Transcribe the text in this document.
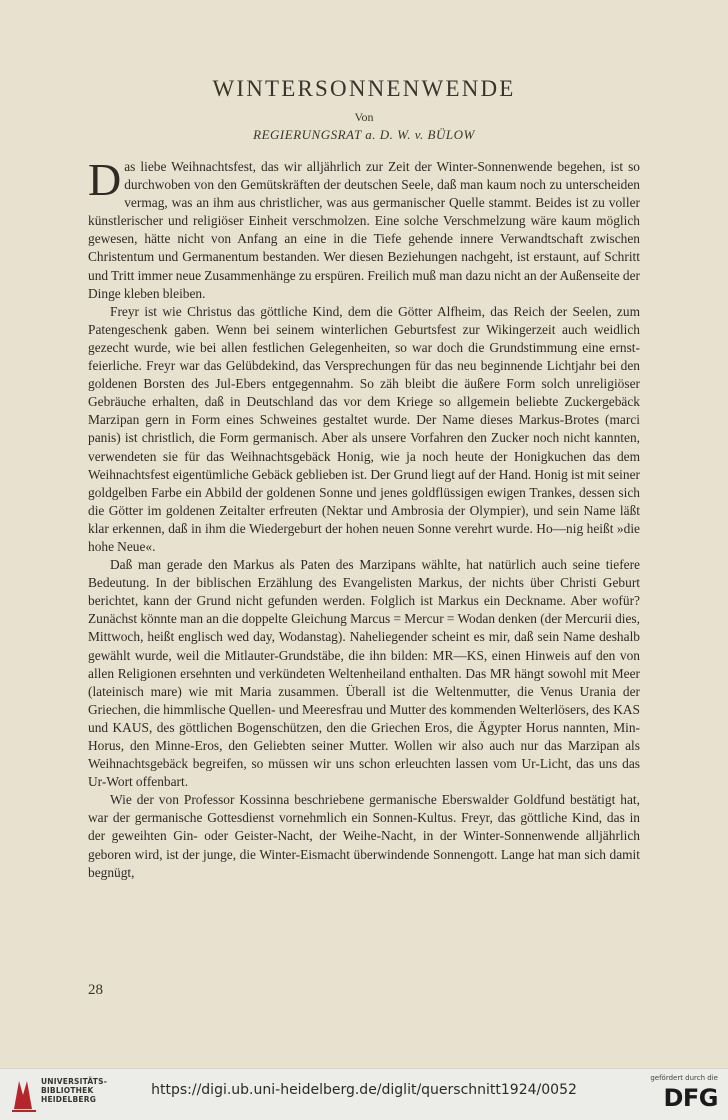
WINTERSONNENWENDE
Von
REGIERUNGSRAT a. D. W. v. BÜLOW

Das liebe Weihnachtsfest, das wir alljährlich zur Zeit der Winter-Sonnenwende begehen, ist so durchwoben von den Gemütskräften der deutschen Seele, daß man kaum noch zu unterscheiden vermag, was an ihm aus christlicher, was aus germanischer Quelle stammt. Beides ist zu voller künstlerischer und religiöser Einheit verschmolzen. Eine solche Verschmelzung wäre kaum möglich gewesen, hätte nicht von Anfang an eine in die Tiefe gehende innere Verwandtschaft zwischen Christentum und Germanentum bestanden. Wer diesen Beziehungen nachgeht, ist erstaunt, auf Schritt und Tritt immer neue Zusammenhänge zu erspüren. Freilich muß man dazu nicht an der Außenseite der Dinge kleben bleiben.

Freyr ist wie Christus das göttliche Kind, dem die Götter Alfheim, das Reich der Seelen, zum Patengeschenk gaben. Wenn bei seinem winterlichen Geburtsfest zur Wikingerzeit auch weidlich gezecht wurde, wie bei allen festlichen Gelegenheiten, so war doch die Grundstimmung eine ernst-feierliche. Freyr war das Gelübdekind, das Versprechungen für das neu beginnende Lichtjahr bei den goldenen Borsten des Jul-Ebers entgegennahm. So zäh bleibt die äußere Form solch unreligiöser Gebräuche erhalten, daß in Deutschland das vor dem Kriege so allgemein beliebte Zuckergebäck Marzipan gern in Form eines Schweines gestaltet wurde. Der Name dieses Markus-Brotes (marci panis) ist christlich, die Form germanisch. Aber als unsere Vorfahren den Zucker noch nicht kannten, verwendeten sie für das Weihnachtsgebäck Honig, wie ja noch heute der Honigkuchen das dem Weihnachtsfest eigentümliche Gebäck geblieben ist. Der Grund liegt auf der Hand. Honig ist mit seiner goldgelben Farbe ein Abbild der goldenen Sonne und jenes goldflüssigen ewigen Trankes, dessen sich die Götter im goldenen Zeitalter erfreuten (Nektar und Ambrosia der Olympier), und sein Name läßt klar erkennen, daß in ihm die Wiedergeburt der hohen neuen Sonne verehrt wurde. Ho—nig heißt »die hohe Neue«.

Daß man gerade den Markus als Paten des Marzipans wählte, hat natürlich auch seine tiefere Bedeutung. In der biblischen Erzählung des Evangelisten Markus, der nichts über Christi Geburt berichtet, kann der Grund nicht gefunden werden. Folglich ist Markus ein Deckname. Aber wofür? Zunächst könnte man an die doppelte Gleichung Marcus = Mercur = Wodan denken (der Mercurii dies, Mittwoch, heißt englisch wed day, Wodanstag). Naheliegender scheint es mir, daß sein Name deshalb gewählt wurde, weil die Mitlauter-Grundstäbe, die ihn bilden: MR—KS, einen Hinweis auf den von allen Religionen ersehnten und verkündeten Weltenheiland enthalten. Das MR hängt sowohl mit Meer (lateinisch mare) wie mit Maria zusammen. Überall ist die Weltenmutter, die Venus Urania der Griechen, die himmlische Quellen- und Meeresfrau und Mutter des kommenden Welterlösers, des KAS und KAUS, des göttlichen Bogenschützen, den die Griechen Eros, die Ägypter Horus nannten, Min-Horus, den Minne-Eros, den Geliebten seiner Mutter. Wollen wir also auch nur das Marzipan als Weihnachtsgebäck begreifen, so müssen wir uns schon erleuchten lassen vom Ur-Licht, das uns das Ur-Wort offenbart.

Wie der von Professor Kossinna beschriebene germanische Eberswalder Goldfund bestätigt hat, war der germanische Gottesdienst vornehmlich ein Sonnen-Kultus. Freyr, das göttliche Kind, das in der geweihten Gin- oder Geister-Nacht, der Weihe-Nacht, in der Winter-Sonnenwende alljährlich geboren wird, ist der junge, die Winter-Eismacht überwindende Sonnengott. Lange hat man sich damit begnügt,

28
UNIVERSITÄTS-
BIBLIOTHEK
HEIDELBERG
https://digi.ub.uni-heidelberg.de/diglit/querschnitt1924/0052
gefördert durch die
DFG
